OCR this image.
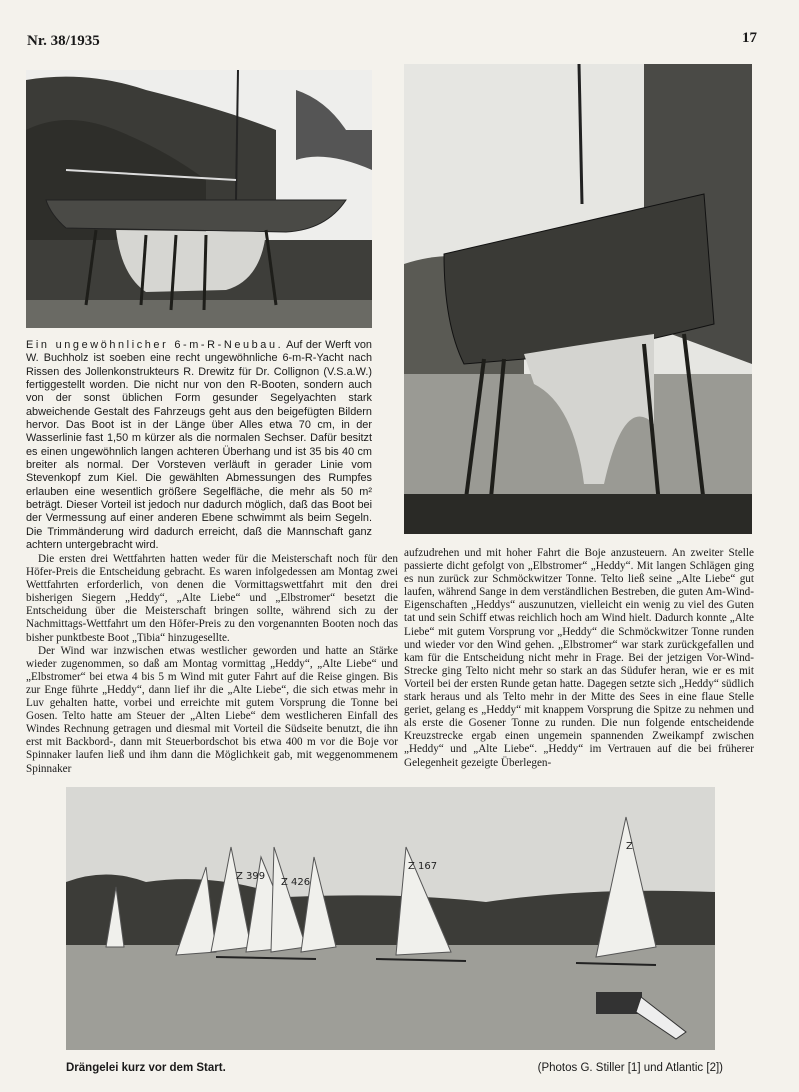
Nr. 38/1935	17
Ein ungewöhnlicher 6-m-R-Neubau. Auf der Werft von W. Buchholz ist soeben eine recht ungewöhnliche 6-m-R-Yacht nach Rissen des Jollenkonstrukteurs R. Drewitz für Dr. Collignon (V.S.a.W.) fertiggestellt worden. Die nicht nur von den R-Booten, sondern auch von der sonst üblichen Form gesunder Segelyachten stark abweichende Gestalt des Fahrzeugs geht aus den beigefügten Bildern hervor. Das Boot ist in der Länge über Alles etwa 70 cm, in der Wasserlinie fast 1,50 m kürzer als die normalen Sechser. Dafür besitzt es einen ungewöhnlich langen achteren Überhang und ist 35 bis 40 cm breiter als normal. Der Vorsteven verläuft in gerader Linie vom Stevenkopf zum Kiel. Die gewählten Abmessungen des Rumpfes erlauben eine wesentlich größere Segelfläche, die mehr als 50 m² beträgt. Dieser Vorteil ist jedoch nur dadurch möglich, daß das Boot bei der Vermessung auf einer anderen Ebene schwimmt als beim Segeln. Die Trimmänderung wird dadurch erreicht, daß die Mannschaft ganz achtern untergebracht wird.

Die ersten drei Wettfahrten hatten weder für die Meisterschaft noch für den Höfer-Preis die Entscheidung gebracht. Es waren infolgedessen am Montag zwei Wettfahrten erforderlich, von denen die Vormittagswettfahrt mit den drei bisherigen Siegern „Heddy“, „Alte Liebe“ und „Elbstromer“ besetzt die Entscheidung über die Meisterschaft bringen sollte, während sich zu der Nachmittags-Wettfahrt um den Höfer-Preis zu den vorgenannten Booten noch das bisher punktbeste Boot „Tibia“ hinzugesellte.

Der Wind war inzwischen etwas westlicher geworden und hatte an Stärke wieder zugenommen, so daß am Montag vormittag „Heddy“, „Alte Liebe“ und „Elbstromer“ bei etwa 4 bis 5 m Wind mit guter Fahrt auf die Reise gingen. Bis zur Enge führte „Heddy“, dann lief ihr die „Alte Liebe“, die sich etwas mehr in Luv gehalten hatte, vorbei und erreichte mit gutem Vorsprung die Tonne bei Gosen. Telto hatte am Steuer der „Alten Liebe“ dem westlicheren Einfall des Windes Rechnung getragen und diesmal mit Vorteil die Südseite benutzt, die ihn erst mit Backbord-, dann mit Steuerbordschot bis etwa 400 m vor die Boje vor Spinnaker laufen ließ und ihm dann die Möglichkeit gab, mit weggenommenem Spinnaker

aufzudrehen und mit hoher Fahrt die Boje anzusteuern. An zweiter Stelle passierte dicht gefolgt von „Elbstromer“ „Heddy“. Mit langen Schlägen ging es nun zurück zur Schmöckwitzer Tonne. Telto ließ seine „Alte Liebe“ gut laufen, während Sange in dem verständlichen Bestreben, die guten Am-Wind-Eigenschaften „Heddys“ auszunutzen, vielleicht ein wenig zu viel des Guten tat und sein Schiff etwas reichlich hoch am Wind hielt. Dadurch konnte „Alte Liebe“ mit gutem Vorsprung vor „Heddy“ die Schmöckwitzer Tonne runden und wieder vor den Wind gehen. „Elbstromer“ war stark zurückgefallen und kam für die Entscheidung nicht mehr in Frage. Bei der jetzigen Vor-Wind-Strecke ging Telto nicht mehr so stark an das Südufer heran, wie er es mit Vorteil bei der ersten Runde getan hatte. Dagegen setzte sich „Heddy“ südlich stark heraus und als Telto mehr in der Mitte des Sees in eine flaue Stelle geriet, gelang es „Heddy“ mit knappem Vorsprung die Spitze zu nehmen und als erste die Gosener Tonne zu runden. Die nun folgende entscheidende Kreuzstrecke ergab einen ungemein spannenden Zweikampf zwischen „Heddy“ und „Alte Liebe“. „Heddy“ im Vertrauen auf die bei früherer Gelegenheit gezeigte Überlegen-

Z 399
Z 426
Z 167
Z
Drängelei kurz vor dem Start.	(Photos G. Stiller [1] und Atlantic [2])
